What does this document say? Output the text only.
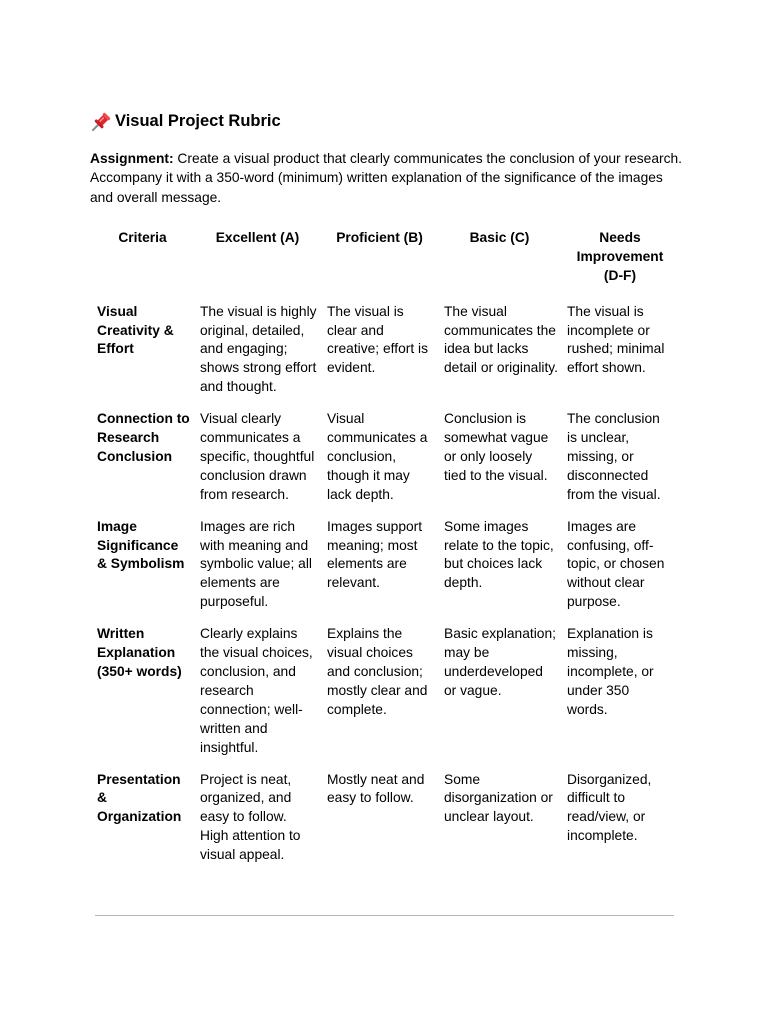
Visual Project Rubric
Assignment: Create a visual product that clearly communicates the conclusion of your research. Accompany it with a 350-word (minimum) written explanation of the significance of the images and overall message.
Criteria	Excellent (A)	Proficient (B)	Basic (C)	Needs Improvement (D-F)
Visual Creativity & Effort	The visual is highly original, detailed, and engaging; shows strong effort and thought.	The visual is clear and creative; effort is evident.	The visual communicates the idea but lacks detail or originality.	The visual is incomplete or rushed; minimal effort shown.
Connection to Research Conclusion	Visual clearly communicates a specific, thoughtful conclusion drawn from research.	Visual communicates a conclusion, though it may lack depth.	Conclusion is somewhat vague or only loosely tied to the visual.	The conclusion is unclear, missing, or disconnected from the visual.
Image Significance & Symbolism	Images are rich with meaning and symbolic value; all elements are purposeful.	Images support meaning; most elements are relevant.	Some images relate to the topic, but choices lack depth.	Images are confusing, off-topic, or chosen without clear purpose.
Written Explanation (350+ words)	Clearly explains the visual choices, conclusion, and research connection; well-written and insightful.	Explains the visual choices and conclusion; mostly clear and complete.	Basic explanation; may be underdeveloped or vague.	Explanation is missing, incomplete, or under 350 words.
Presentation & Organization	Project is neat, organized, and easy to follow. High attention to visual appeal.	Mostly neat and easy to follow.	Some disorganization or unclear layout.	Disorganized, difficult to read/view, or incomplete.
